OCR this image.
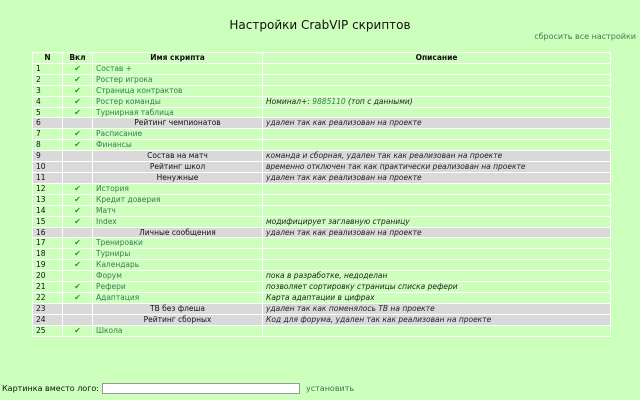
Настройки CrabVIP скриптов
сбросить все настройки
N	Вкл	Имя скрипта	Описание
1	✔	Состав +	
2	✔	Ростер игрока	
3	✔	Страница контрактов	
4	✔	Ростер команды	Номинал+: 9885110 (топ с данными)
5	✔	Турнирная таблица	
6		Рейтинг чемпионатов	удален так как реализован на проекте
7	✔	Расписание	
8	✔	Финансы	
9		Состав на матч	команда и сборная, удален так как реализован на проекте
10		Рейтинг школ	временно отключен так как практически реализован на проекте
11		Ненужные	удален так как реализован на проекте
12	✔	История	
13	✔	Кредит доверия	
14	✔	Матч	
15	✔	Index	модифицирует заглавную страницу
16		Личные сообщения	удален так как реализован на проекте
17	✔	Тренировки	
18	✔	Турниры	
19	✔	Календарь	
20		Форум	пока в разработке, недоделан
21	✔	Рефери	позволяет сортировку страницы списка рефери
22	✔	Адаптация	Карта адаптации в цифрах
23		ТВ без флеша	удален так как поменялось ТВ на проекте
24		Рейтинг сборных	Код для форума, удален так как реализован на проекте
25	✔	Школа	
Картинка вместо лого:	установить
